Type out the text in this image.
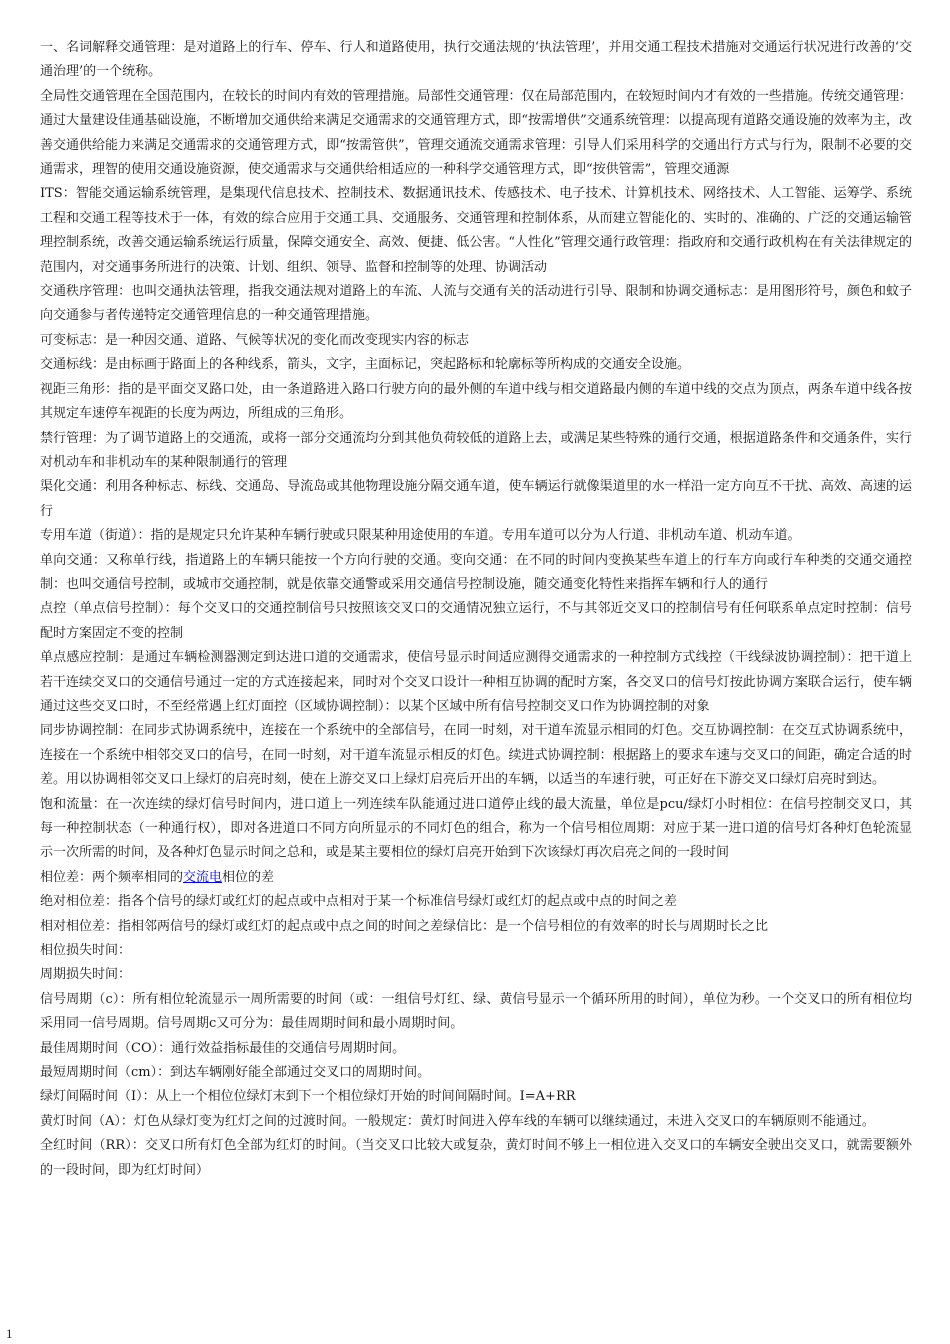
一、名词解释交通管理：是对道路上的行车、停车、行人和道路使用，执行交通法规的‘执法管理’，并用交通工程技术措施对交通运行状况进行改善的‘交通治理’的一个统称。

全局性交通管理在全国范围内，在较长的时间内有效的管理措施。局部性交通管理：仅在局部范围内，在较短时间内才有效的一些措施。传统交通管理：通过大量建设佳通基础设施，不断增加交通供给来满足交通需求的交通管理方式，即“按需增供”交通系统管理：以提高现有道路交通设施的效率为主，改善交通供给能力来满足交通需求的交通管理方式，即“按需管供”，管理交通流交通需求管理：引导人们采用科学的交通出行方式与行为，限制不必要的交通需求，理智的使用交通设施资源，使交通需求与交通供给相适应的一种科学交通管理方式，即“按供管需”，管理交通源

ITS：智能交通运输系统管理，是集现代信息技术、控制技术、数据通讯技术、传感技术、电子技术、计算机技术、网络技术、人工智能、运筹学、系统工程和交通工程等技术于一体，有效的综合应用于交通工具、交通服务、交通管理和控制体系，从而建立智能化的、实时的、准确的、广泛的交通运输管理控制系统，改善交通运输系统运行质量，保障交通安全、高效、便捷、低公害。“人性化”管理交通行政管理：指政府和交通行政机构在有关法律规定的范围内，对交通事务所进行的决策、计划、组织、领导、监督和控制等的处理、协调活动

交通秩序管理：也叫交通执法管理，指我交通法规对道路上的车流、人流与交通有关的活动进行引导、限制和协调交通标志：是用图形符号，颜色和蚊子向交通参与者传递特定交通管理信息的一种交通管理措施。

可变标志：是一种因交通、道路、气候等状况的变化而改变现实内容的标志

交通标线：是由标画于路面上的各种线系，箭头，文字，主面标记，突起路标和轮廓标等所构成的交通安全设施。

视距三角形：指的是平面交叉路口处，由一条道路进入路口行驶方向的最外侧的车道中线与相交道路最内侧的车道中线的交点为顶点，两条车道中线各按其规定车速停车视距的长度为两边，所组成的三角形。

禁行管理：为了调节道路上的交通流，或将一部分交通流均分到其他负荷较低的道路上去，或满足某些特殊的通行交通，根据道路条件和交通条件，实行对机动车和非机动车的某种限制通行的管理

渠化交通：利用各种标志、标线、交通岛、导流岛或其他物理设施分隔交通车道，使车辆运行就像渠道里的水一样沿一定方向互不干扰、高效、高速的运行

专用车道（街道）：指的是规定只允许某种车辆行驶或只限某种用途使用的车道。专用车道可以分为人行道、非机动车道、机动车道。

单向交通：又称单行线，指道路上的车辆只能按一个方向行驶的交通。变向交通：在不同的时间内变换某些车道上的行车方向或行车种类的交通交通控制：也叫交通信号控制，或城市交通控制，就是依靠交通警或采用交通信号控制设施，随交通变化特性来指挥车辆和行人的通行

点控（单点信号控制）：每个交叉口的交通控制信号只按照该交叉口的交通情况独立运行，不与其邻近交叉口的控制信号有任何联系单点定时控制：信号配时方案固定不变的控制

单点感应控制：是通过车辆检测器测定到达进口道的交通需求，使信号显示时间适应测得交通需求的一种控制方式线控（干线绿波协调控制）：把干道上若干连续交叉口的交通信号通过一定的方式连接起来，同时对个交叉口设计一种相互协调的配时方案，各交叉口的信号灯按此协调方案联合运行，使车辆通过这些交叉口时，不至经常遇上红灯面控（区域协调控制）：以某个区域中所有信号控制交叉口作为协调控制的对象

同步协调控制：在同步式协调系统中，连接在一个系统中的全部信号，在同一时刻，对干道车流显示相同的灯色。交互协调控制：在交互式协调系统中，连接在一个系统中相邻交叉口的信号，在同一时刻，对干道车流显示相反的灯色。续进式协调控制：根据路上的要求车速与交叉口的间距，确定合适的时差。用以协调相邻交叉口上绿灯的启亮时刻，使在上游交叉口上绿灯启亮后开出的车辆，以适当的车速行驶，可正好在下游交叉口绿灯启亮时到达。

饱和流量：在一次连续的绿灯信号时间内，进口道上一列连续车队能通过进口道停止线的最大流量，单位是pcu/绿灯小时相位：在信号控制交叉口，其每一种控制状态（一种通行权），即对各进道口不同方向所显示的不同灯色的组合，称为一个信号相位周期：对应于某一进口道的信号灯各种灯色轮流显示一次所需的时间，及各种灯色显示时间之总和，或是某主要相位的绿灯启亮开始到下次该绿灯再次启亮之间的一段时间

相位差：两个频率相同的交流电相位的差

绝对相位差：指各个信号的绿灯或红灯的起点或中点相对于某一个标准信号绿灯或红灯的起点或中点的时间之差

相对相位差：指相邻两信号的绿灯或红灯的起点或中点之间的时间之差绿信比：是一个信号相位的有效率的时长与周期时长之比

相位损失时间：

周期损失时间：

信号周期（c）：所有相位轮流显示一周所需要的时间（或：一组信号灯红、绿、黄信号显示一个循环所用的时间），单位为秒。一个交叉口的所有相位均采用同一信号周期。信号周期c又可分为：最佳周期时间和最小周期时间。

最佳周期时间（CO）：通行效益指标最佳的交通信号周期时间。

最短周期时间（cm）：到达车辆刚好能全部通过交叉口的周期时间。

绿灯间隔时间（I）：从上一个相位位绿灯末到下一个相位绿灯开始的时间间隔时间。I=A+RR

黄灯时间（A）：灯色从绿灯变为红灯之间的过渡时间。一般规定：黄灯时间进入停车线的车辆可以继续通过，未进入交叉口的车辆原则不能通过。

全红时间（RR）：交叉口所有灯色全部为红灯的时间。（当交叉口比较大或复杂，黄灯时间不够上一相位进入交叉口的车辆安全驶出交叉口，就需要额外的一段时间，即为红灯时间）

1
